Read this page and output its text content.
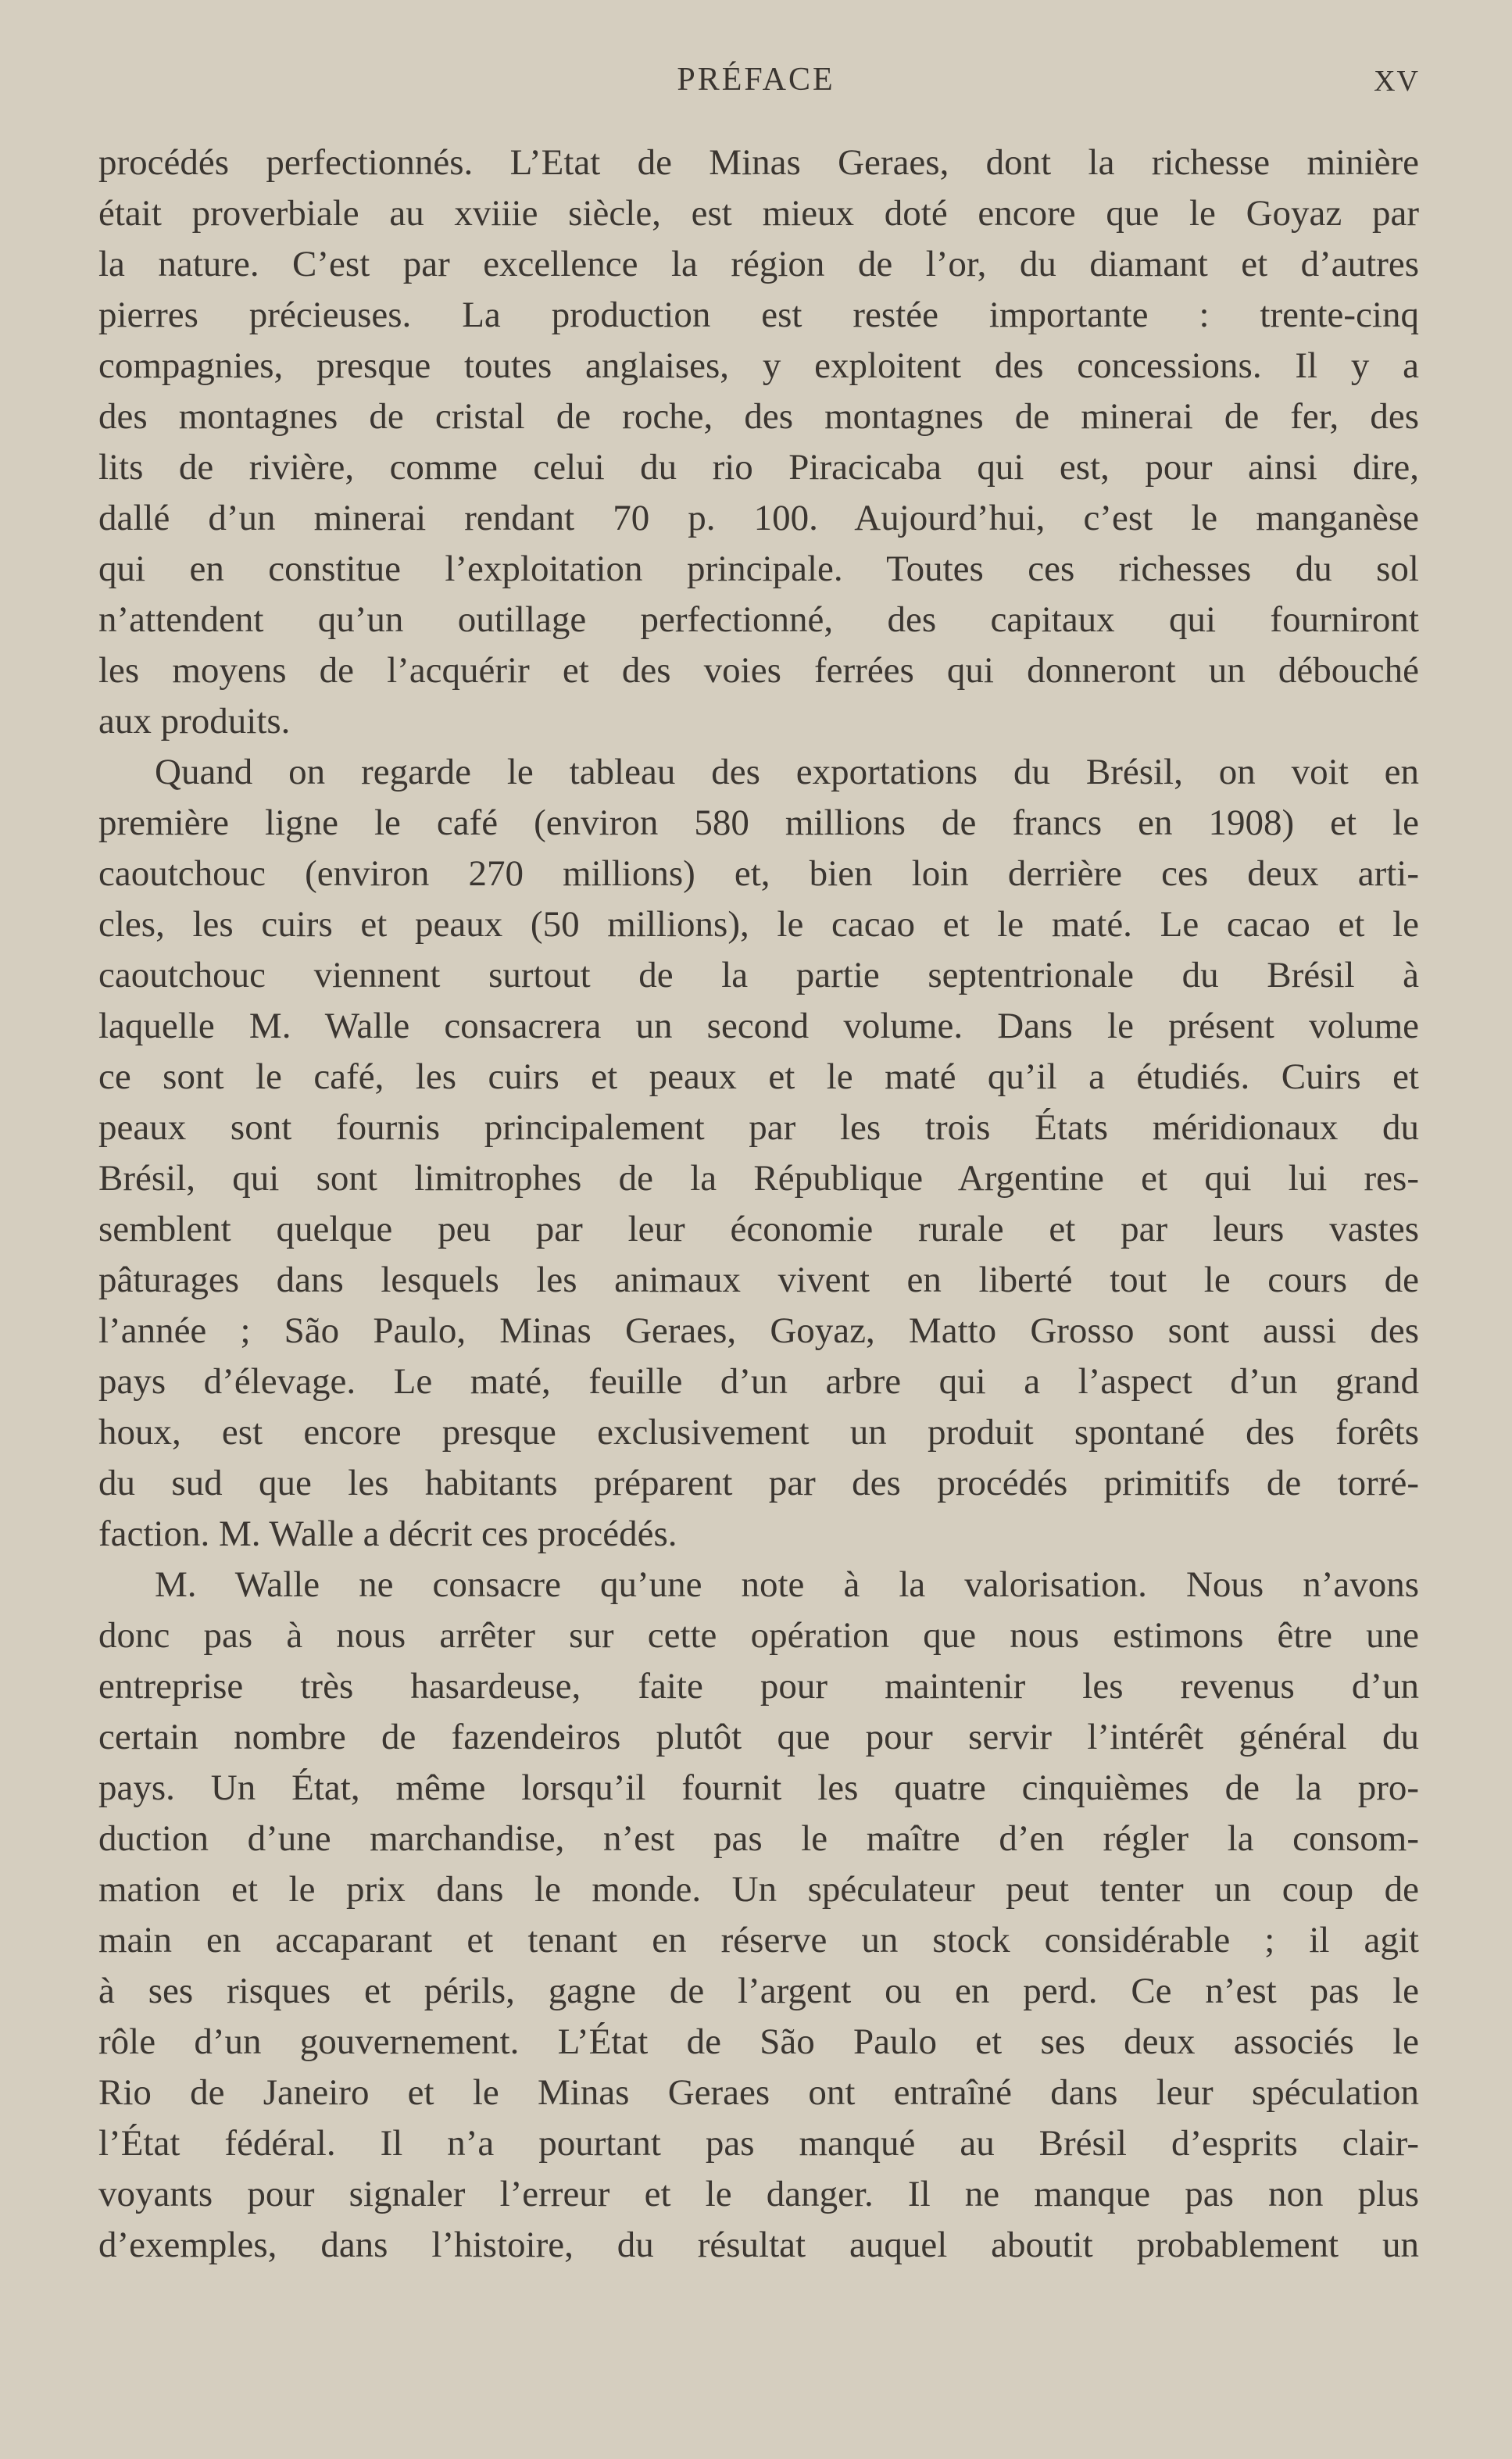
PRÉFACE	XV
procédés perfectionnés. L’Etat de Minas Geraes, dont la richesse minière
était proverbiale au xviiie siècle, est mieux doté encore que le Goyaz par
la nature. C’est par excellence la région de l’or, du diamant et d’autres
pierres précieuses. La production est restée importante : trente-cinq
compagnies, presque toutes anglaises, y exploitent des concessions. Il y a
des montagnes de cristal de roche, des montagnes de minerai de fer, des
lits de rivière, comme celui du rio Piracicaba qui est, pour ainsi dire,
dallé d’un minerai rendant 70 p. 100. Aujourd’hui, c’est le manganèse
qui en constitue l’exploitation principale. Toutes ces richesses du sol
n’attendent qu’un outillage perfectionné, des capitaux qui fourniront
les moyens de l’acquérir et des voies ferrées qui donneront un débouché
aux produits.
Quand on regarde le tableau des exportations du Brésil, on voit en
première ligne le café (environ 580 millions de francs en 1908) et le
caoutchouc (environ 270 millions) et, bien loin derrière ces deux arti-
cles, les cuirs et peaux (50 millions), le cacao et le maté. Le cacao et le
caoutchouc viennent surtout de la partie septentrionale du Brésil à
laquelle M. Walle consacrera un second volume. Dans le présent volume
ce sont le café, les cuirs et peaux et le maté qu’il a étudiés. Cuirs et
peaux sont fournis principalement par les trois États méridionaux du
Brésil, qui sont limitrophes de la République Argentine et qui lui res-
semblent quelque peu par leur économie rurale et par leurs vastes
pâturages dans lesquels les animaux vivent en liberté tout le cours de
l’année ; São Paulo, Minas Geraes, Goyaz, Matto Grosso sont aussi des
pays d’élevage. Le maté, feuille d’un arbre qui a l’aspect d’un grand
houx, est encore presque exclusivement un produit spontané des forêts
du sud que les habitants préparent par des procédés primitifs de torré-
faction. M. Walle a décrit ces procédés.
M. Walle ne consacre qu’une note à la valorisation. Nous n’avons
donc pas à nous arrêter sur cette opération que nous estimons être une
entreprise très hasardeuse, faite pour maintenir les revenus d’un
certain nombre de fazendeiros plutôt que pour servir l’intérêt général du
pays. Un État, même lorsqu’il fournit les quatre cinquièmes de la pro-
duction d’une marchandise, n’est pas le maître d’en régler la consom-
mation et le prix dans le monde. Un spéculateur peut tenter un coup de
main en accaparant et tenant en réserve un stock considérable ; il agit
à ses risques et périls, gagne de l’argent ou en perd. Ce n’est pas le
rôle d’un gouvernement. L’État de São Paulo et ses deux associés le
Rio de Janeiro et le Minas Geraes ont entraîné dans leur spéculation
l’État fédéral. Il n’a pourtant pas manqué au Brésil d’esprits clair-
voyants pour signaler l’erreur et le danger. Il ne manque pas non plus
d’exemples, dans l’histoire, du résultat auquel aboutit probablement un
